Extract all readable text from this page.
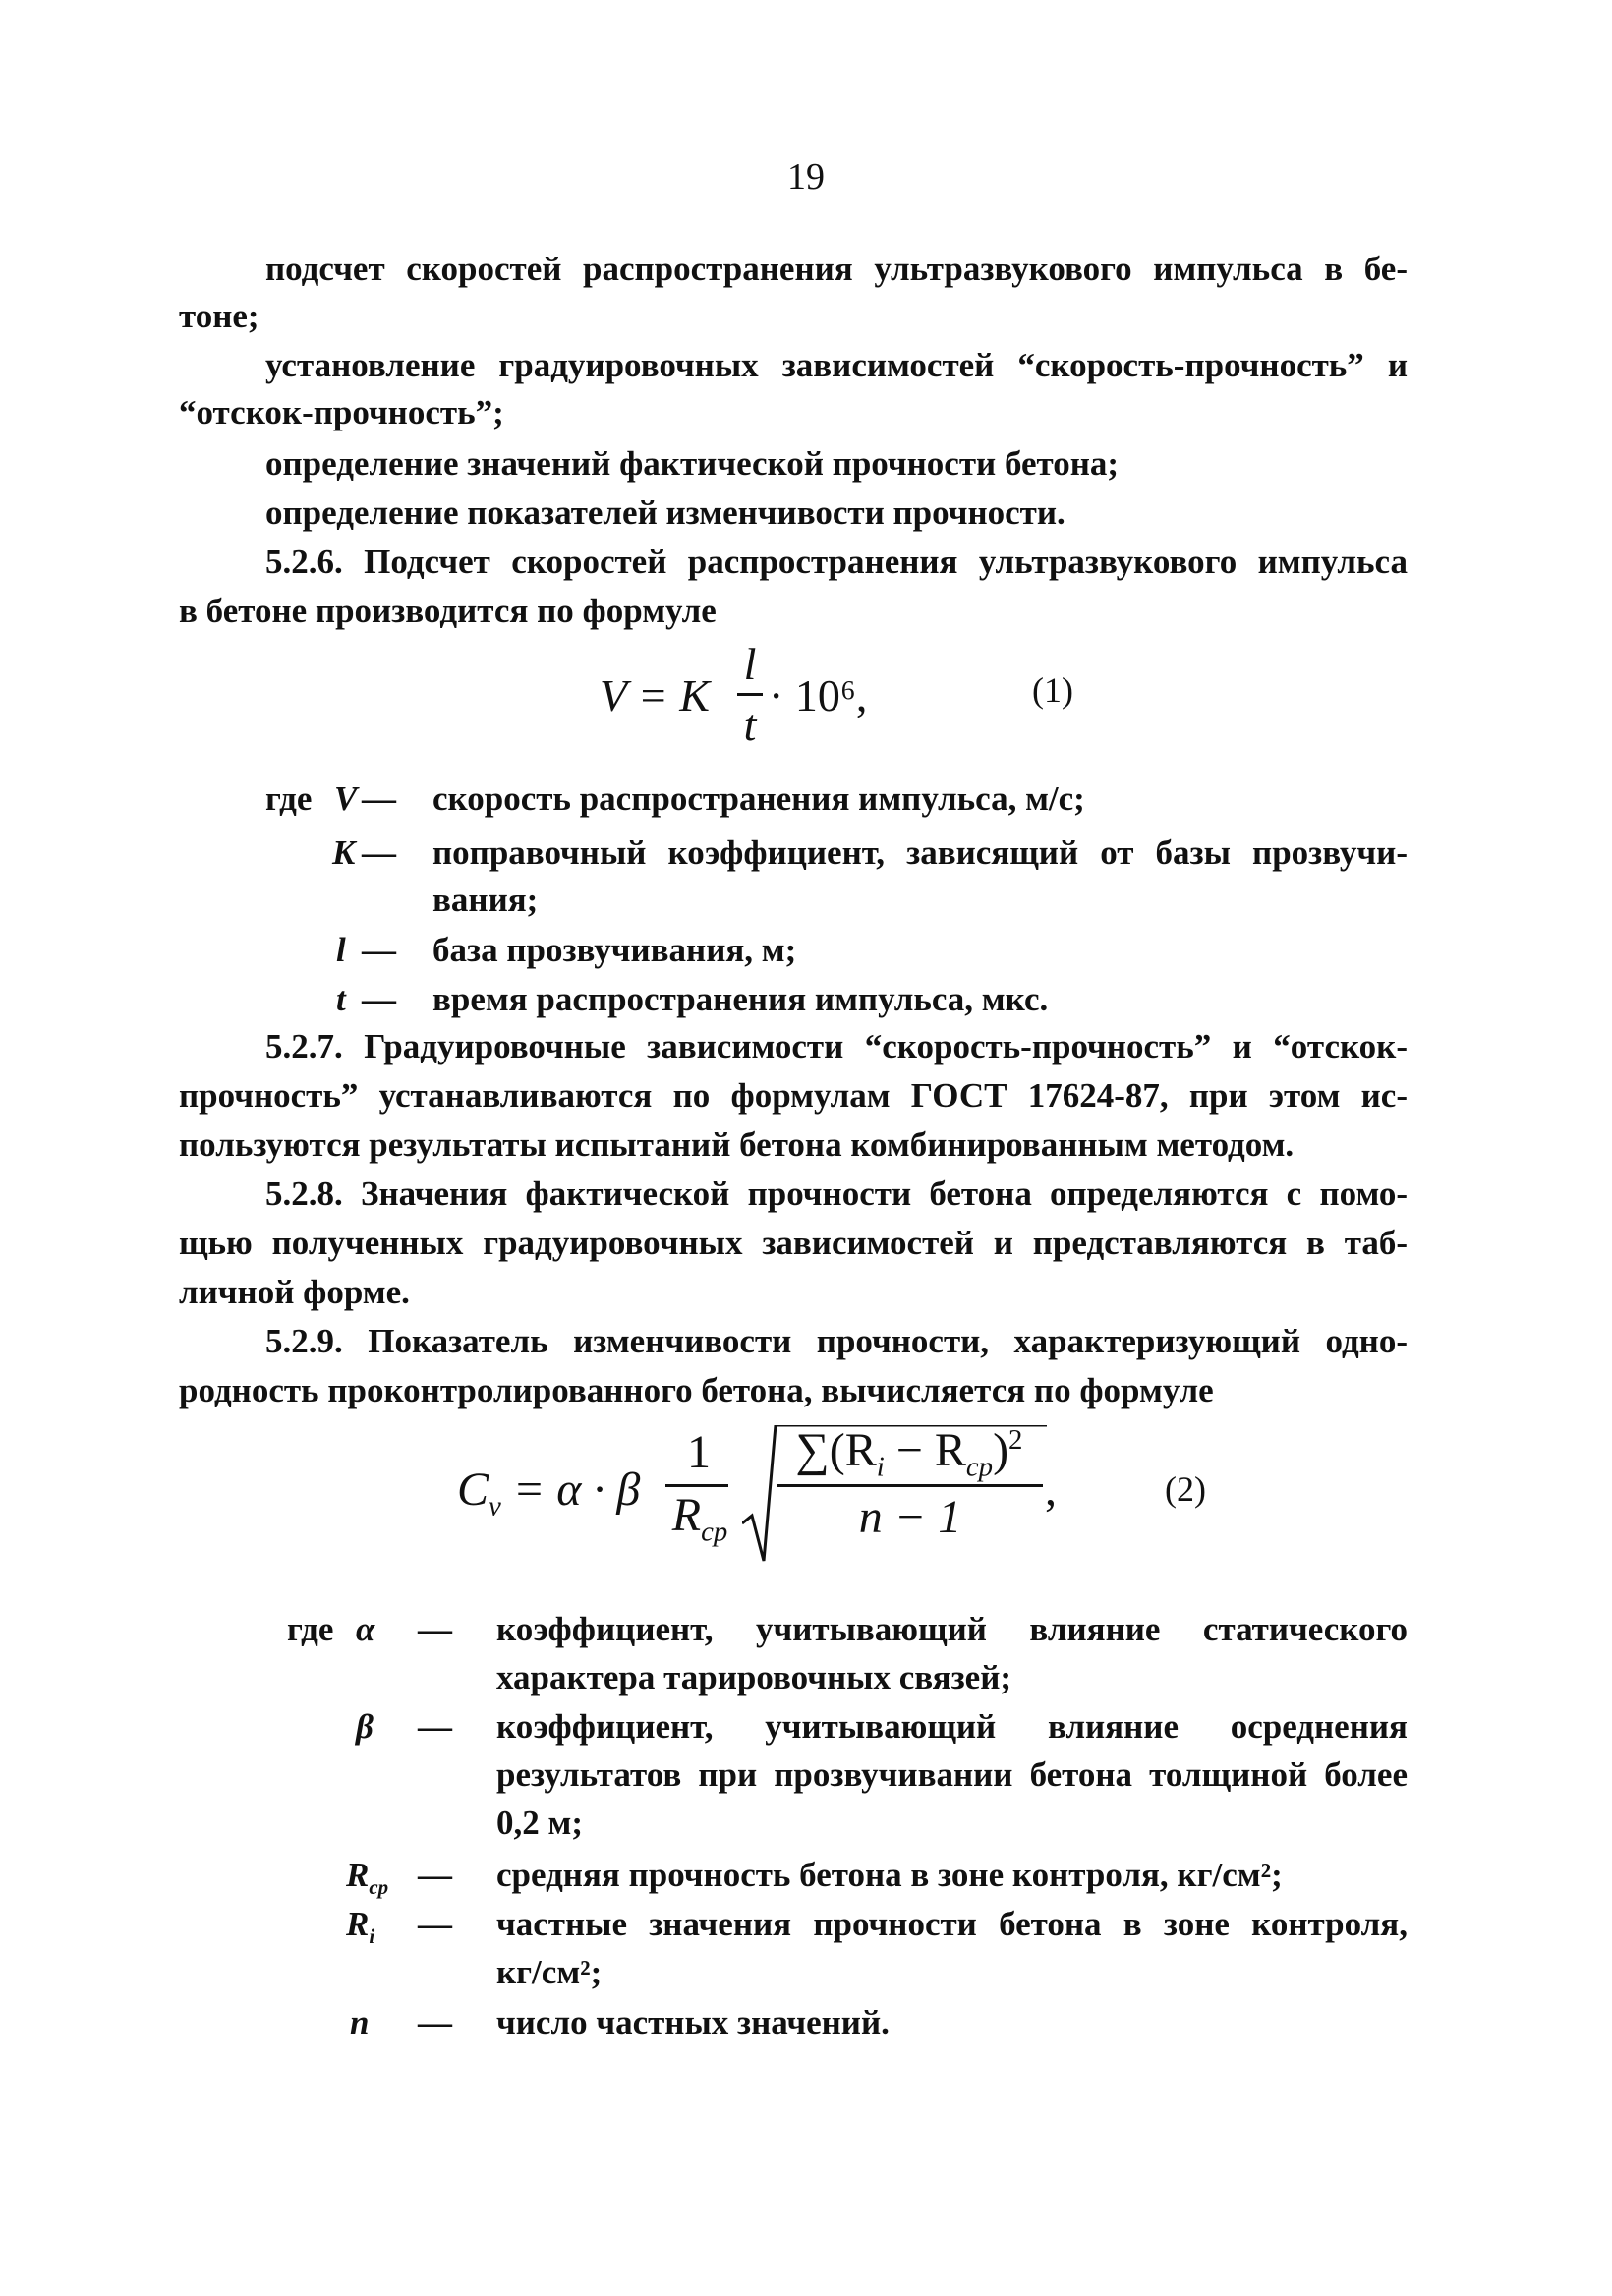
19
подсчет скоростей распространения ультразвукового импульса в бе-
тоне;
установление градуировочных зависимостей “скорость-прочность” и
“отскок-прочность”;
определение значений фактической прочности бетона;
определение показателей изменчивости прочности.
5.2.6. Подсчет скоростей распространения ультразвукового импульса
в бетоне производится по формуле
V = K
l
t
· 10⁶,	(1)
где V — скорость распространения импульса, м/с;
K — поправочный коэффициент, зависящий от базы прозвучи-
вания;
l — база прозвучивания, м;
t — время распространения импульса, мкс.
5.2.7. Градуировочные зависимости “скорость-прочность” и “отскок-
прочность” устанавливаются по формулам ГОСТ 17624-87, при этом ис-
пользуются результаты испытаний бетона комбинированным методом.
5.2.8. Значения фактической прочности бетона определяются с помо-
щью полученных градуировочных зависимостей и представляются в таб-
личной форме.
5.2.9. Показатель изменчивости прочности, характеризующий одно-
родность проконтролированного бетона, вычисляется по формуле
$C_v = \alpha \cdot \beta$
1
$R_{ср}$
$\sum(R_i - R_{ср})^2$
n − 1
,	(2)
где α — коэффициент, учитывающий влияние статического
характера тарировочных связей;
β — коэффициент, учитывающий влияние осреднения
результатов при прозвучивании бетона толщиной более
0,2 м;
$R_{ср}$ — средняя прочность бетона в зоне контроля, кг/см²;
$R_i$ — частные значения прочности бетона в зоне контроля,
кг/см²;
n — число частных значений.
